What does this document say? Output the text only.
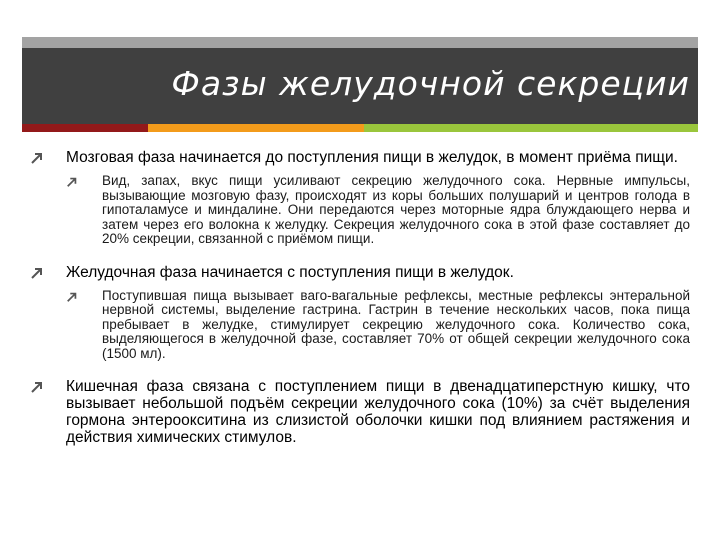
Фазы желудочной секреции
Мозговая фаза начинается до поступления пищи в желудок, в момент приёма пищи.
Вид, запах, вкус пищи усиливают секрецию желудочного сока. Нервные импульсы, вызывающие мозговую фазу, происходят из коры больших полушарий и центров голода в гипоталамусе и миндалине. Они передаются через моторные ядра блуждающего нерва и затем через его волокна к желудку. Секреция желудочного сока в этой фазе составляет до 20% секреции, связанной с приёмом пищи.
Желудочная фаза начинается с поступления пищи в желудок.
Поступившая пища вызывает ваго-вагальные рефлексы, местные рефлексы энтеральной нервной системы, выделение гастрина. Гастрин в течение нескольких часов, пока пища пребывает в желудке, стимулирует секрецию желудочного сока. Количество сока, выделяющегося в желудочной фазе, составляет 70% от общей секреции желудочного сока (1500 мл).
Кишечная фаза связана с поступлением пищи в двенадцатиперстную кишку, что вызывает небольшой подъём секреции желудочного сока (10%) за счёт выделения гормона энтероокситина из слизистой оболочки кишки под влиянием растяжения и действия химических стимулов.
